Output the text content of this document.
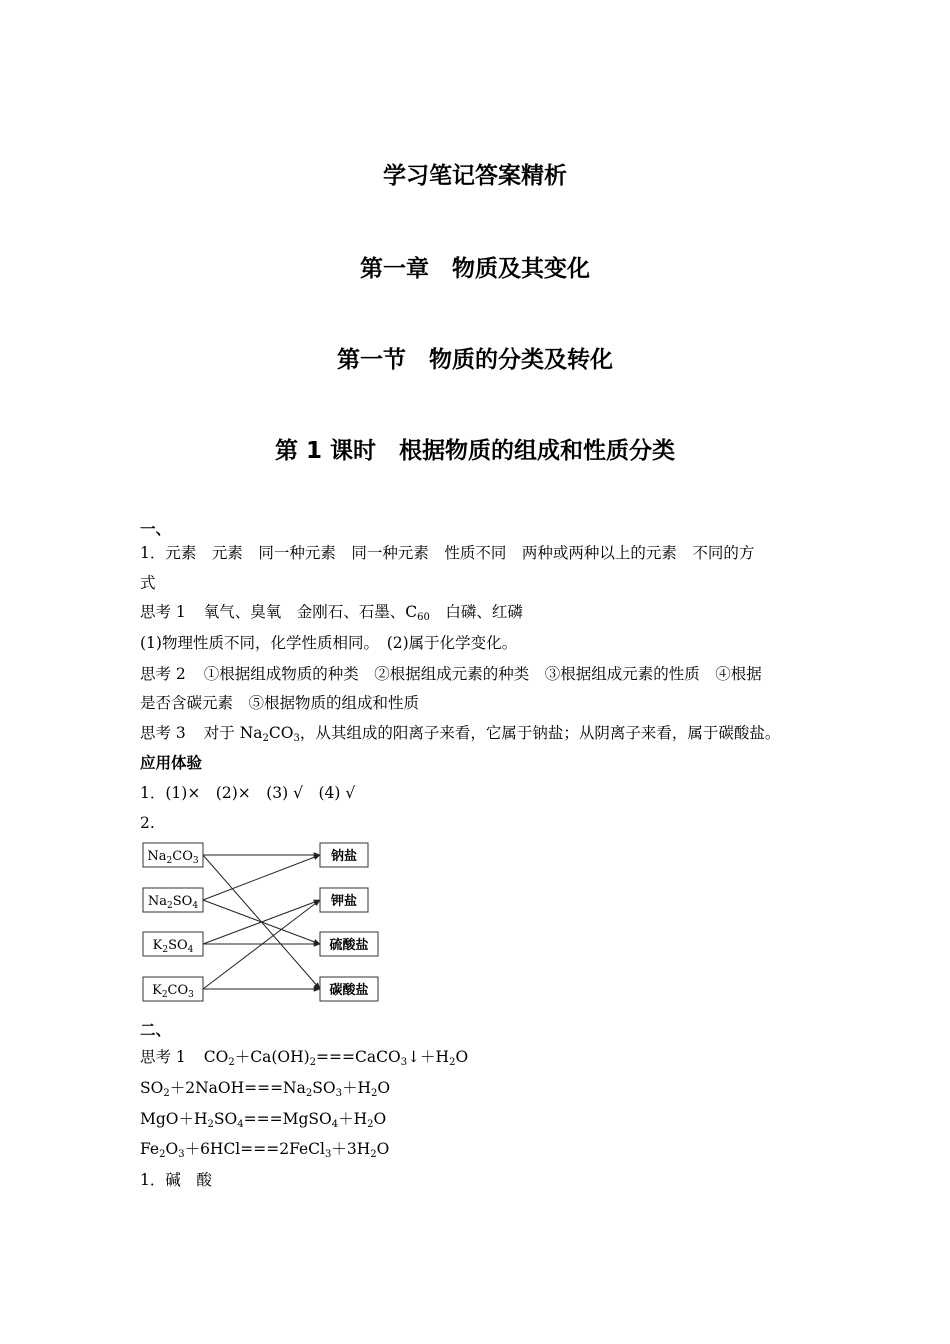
学习笔记答案精析
第一章　物质及其变化
第一节　物质的分类及转化
第 1 课时　根据物质的组成和性质分类
一、
1．元素　元素　同一种元素　同一种元素　性质不同　两种或两种以上的元素　不同的方
式
思考 1 氧气、臭氧　金刚石、石墨、$C_{60}$　白磷、红磷
(1)物理性质不同，化学性质相同。　(2)属于化学变化。
思考 2 ①根据组成物质的种类　②根据组成元素的种类　③根据组成元素的性质　④根据
是否含碳元素　⑤根据物质的组成和性质
思考 3 对于 $Na_2CO_3$，从其组成的阳离子来看，它属于钠盐；从阴离子来看，属于碳酸盐。
应用体验
1．(1)×　(2)×　(3) √　(4) √
2.
$Na_2CO_3$
$Na_2SO_4$
$K_2SO_4$
$K_2CO_3$
钠盐
钾盐
硫酸盐
碳酸盐
二、
思考 1 $CO_2+Ca(OH)_2===CaCO_3↓+H_2O$
$SO_2+2NaOH===Na_2SO_3+H_2O$
$MgO+H_2SO_4===MgSO_4+H_2O$
$Fe_2O_3+6HCl===2FeCl_3+3H_2O$
1．碱　酸
